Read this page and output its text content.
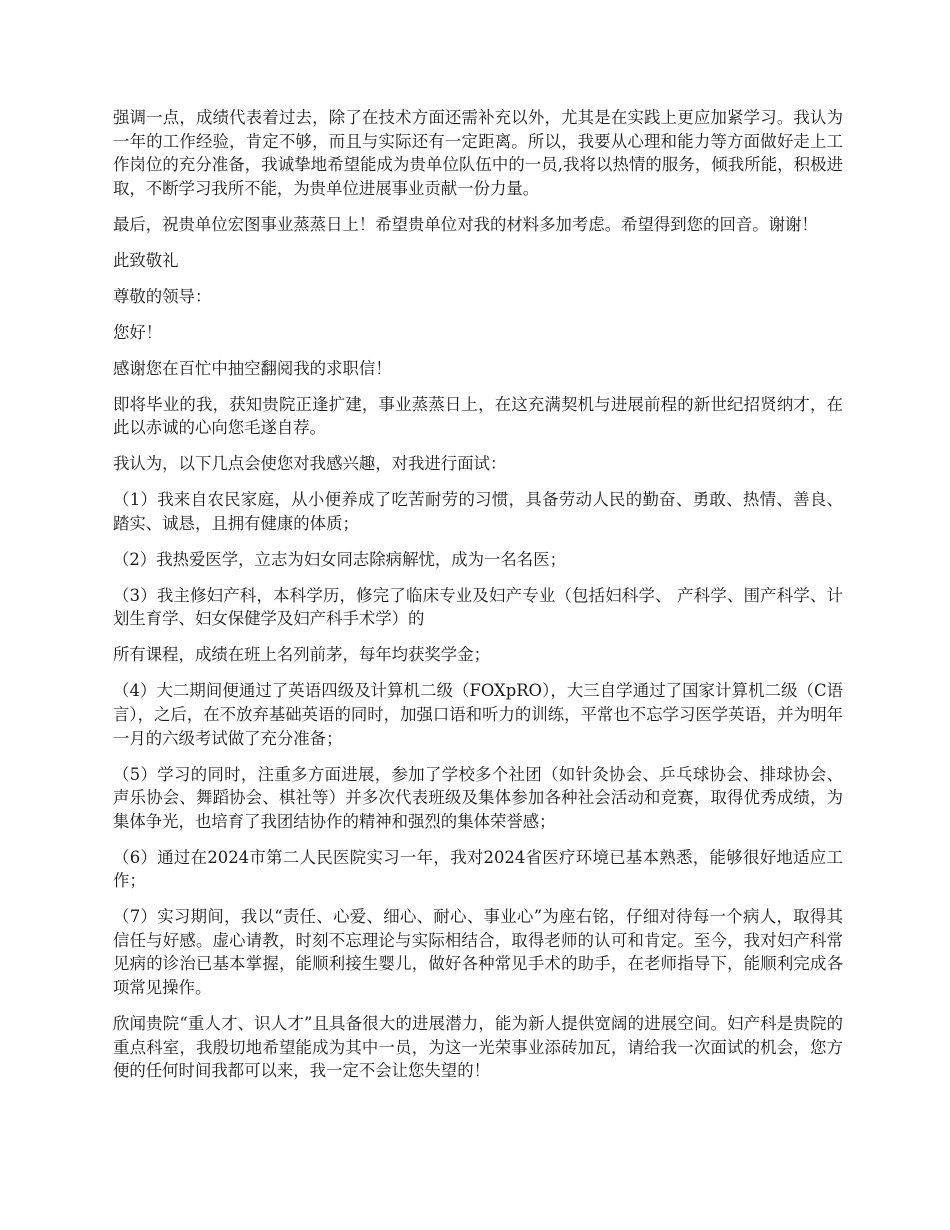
强调一点，成绩代表着过去，除了在技术方面还需补充以外，尤其是在实践上更应加紧学习。我认为一年的工作经验，肯定不够，而且与实际还有一定距离。所以，我要从心理和能力等方面做好走上工作岗位的充分准备，我诚挚地希望能成为贵单位队伍中的一员,我将以热情的服务，倾我所能，积极进取，不断学习我所不能，为贵单位进展事业贡献一份力量。

最后，祝贵单位宏图事业蒸蒸日上！希望贵单位对我的材料多加考虑。希望得到您的回音。谢谢！

此致敬礼

尊敬的领导：

您好！

感谢您在百忙中抽空翻阅我的求职信！

即将毕业的我，获知贵院正逢扩建，事业蒸蒸日上，在这充满契机与进展前程的新世纪招贤纳才，在此以赤诚的心向您毛遂自荐。

我认为，以下几点会使您对我感兴趣，对我进行面试：

（1）我来自农民家庭，从小便养成了吃苦耐劳的习惯，具备劳动人民的勤奋、勇敢、热情、善良、踏实、诚恳，且拥有健康的体质；

（2）我热爱医学，立志为妇女同志除病解忧，成为一名名医；

（3）我主修妇产科，本科学历，修完了临床专业及妇产专业（包括妇科学、 产科学、围产科学、计划生育学、妇女保健学及妇产科手术学）的

所有课程，成绩在班上名列前茅，每年均获奖学金；

（4）大二期间便通过了英语四级及计算机二级（FOXpRO），大三自学通过了国家计算机二级（C语言），之后，在不放弃基础英语的同时，加强口语和听力的训练，平常也不忘学习医学英语，并为明年一月的六级考试做了充分准备；

（5）学习的同时，注重多方面进展，参加了学校多个社团（如针灸协会、乒乓球协会、排球协会、声乐协会、舞蹈协会、棋社等）并多次代表班级及集体参加各种社会活动和竞赛，取得优秀成绩，为集体争光，也培育了我团结协作的精神和强烈的集体荣誉感；

（6）通过在2024市第二人民医院实习一年，我对2024省医疗环境已基本熟悉，能够很好地适应工作；

（7）实习期间，我以“责任、心爱、细心、耐心、事业心”为座右铭，仔细对待每一个病人，取得其信任与好感。虚心请教，时刻不忘理论与实际相结合，取得老师的认可和肯定。至今，我对妇产科常见病的诊治已基本掌握，能顺利接生婴儿，做好各种常见手术的助手，在老师指导下，能顺利完成各项常见操作。

欣闻贵院“重人才、识人才”且具备很大的进展潜力，能为新人提供宽阔的进展空间。妇产科是贵院的重点科室，我殷切地希望能成为其中一员，为这一光荣事业添砖加瓦，请给我一次面试的机会，您方便的任何时间我都可以来，我一定不会让您失望的！
